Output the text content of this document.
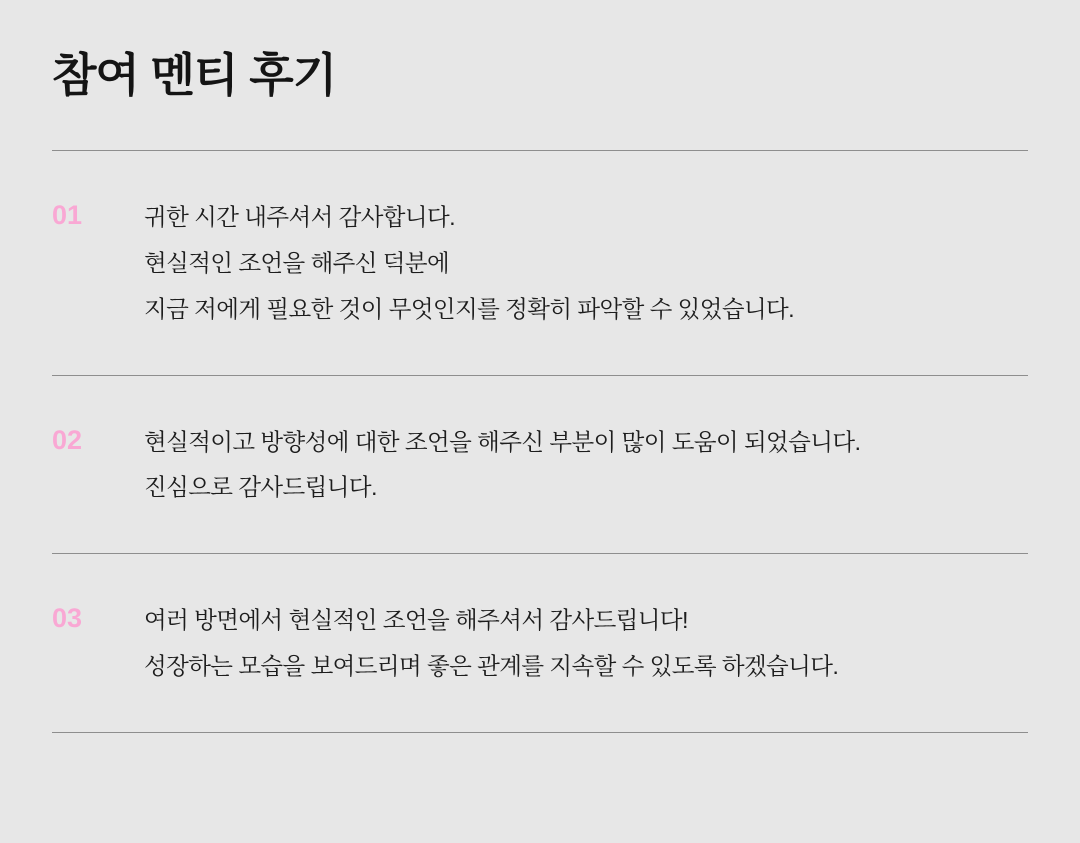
참여 멘티 후기
01	귀한 시간 내주셔서 감사합니다.
현실적인 조언을 해주신 덕분에
지금 저에게 필요한 것이 무엇인지를 정확히 파악할 수 있었습니다.
02	현실적이고 방향성에 대한 조언을 해주신 부분이 많이 도움이 되었습니다.
진심으로 감사드립니다.
03	여러 방면에서 현실적인 조언을 해주셔서 감사드립니다!
성장하는 모습을 보여드리며 좋은 관계를 지속할 수 있도록 하겠습니다.
